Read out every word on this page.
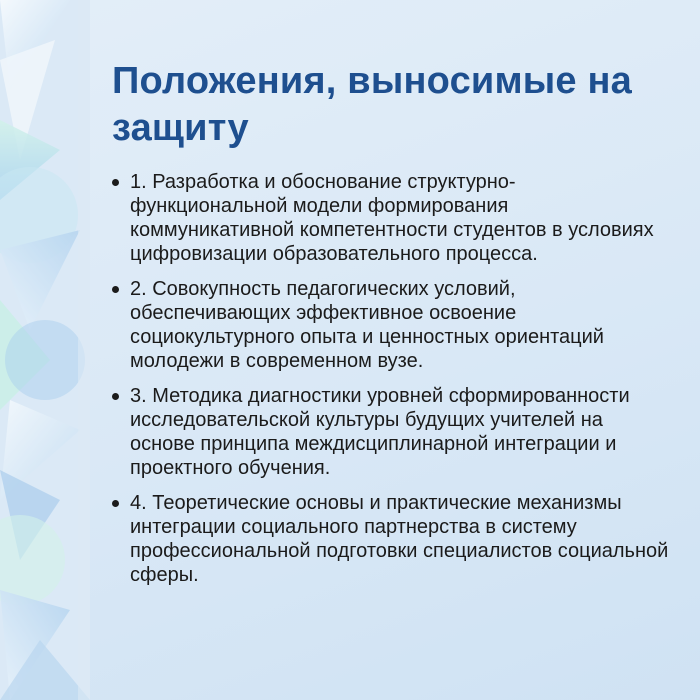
Положения, выносимые на защиту
1. Разработка и обоснование структурно-функциональной модели формирования коммуникативной компетентности студентов в условиях цифровизации образовательного процесса.
2. Совокупность педагогических условий, обеспечивающих эффективное освоение социокультурного опыта и ценностных ориентаций молодежи в современном вузе.
3. Методика диагностики уровней сформированности исследовательской культуры будущих учителей на основе принципа междисциплинарной интеграции и проектного обучения.
4. Теоретические основы и практические механизмы интеграции социального партнерства в систему профессиональной подготовки специалистов социальной сферы.
